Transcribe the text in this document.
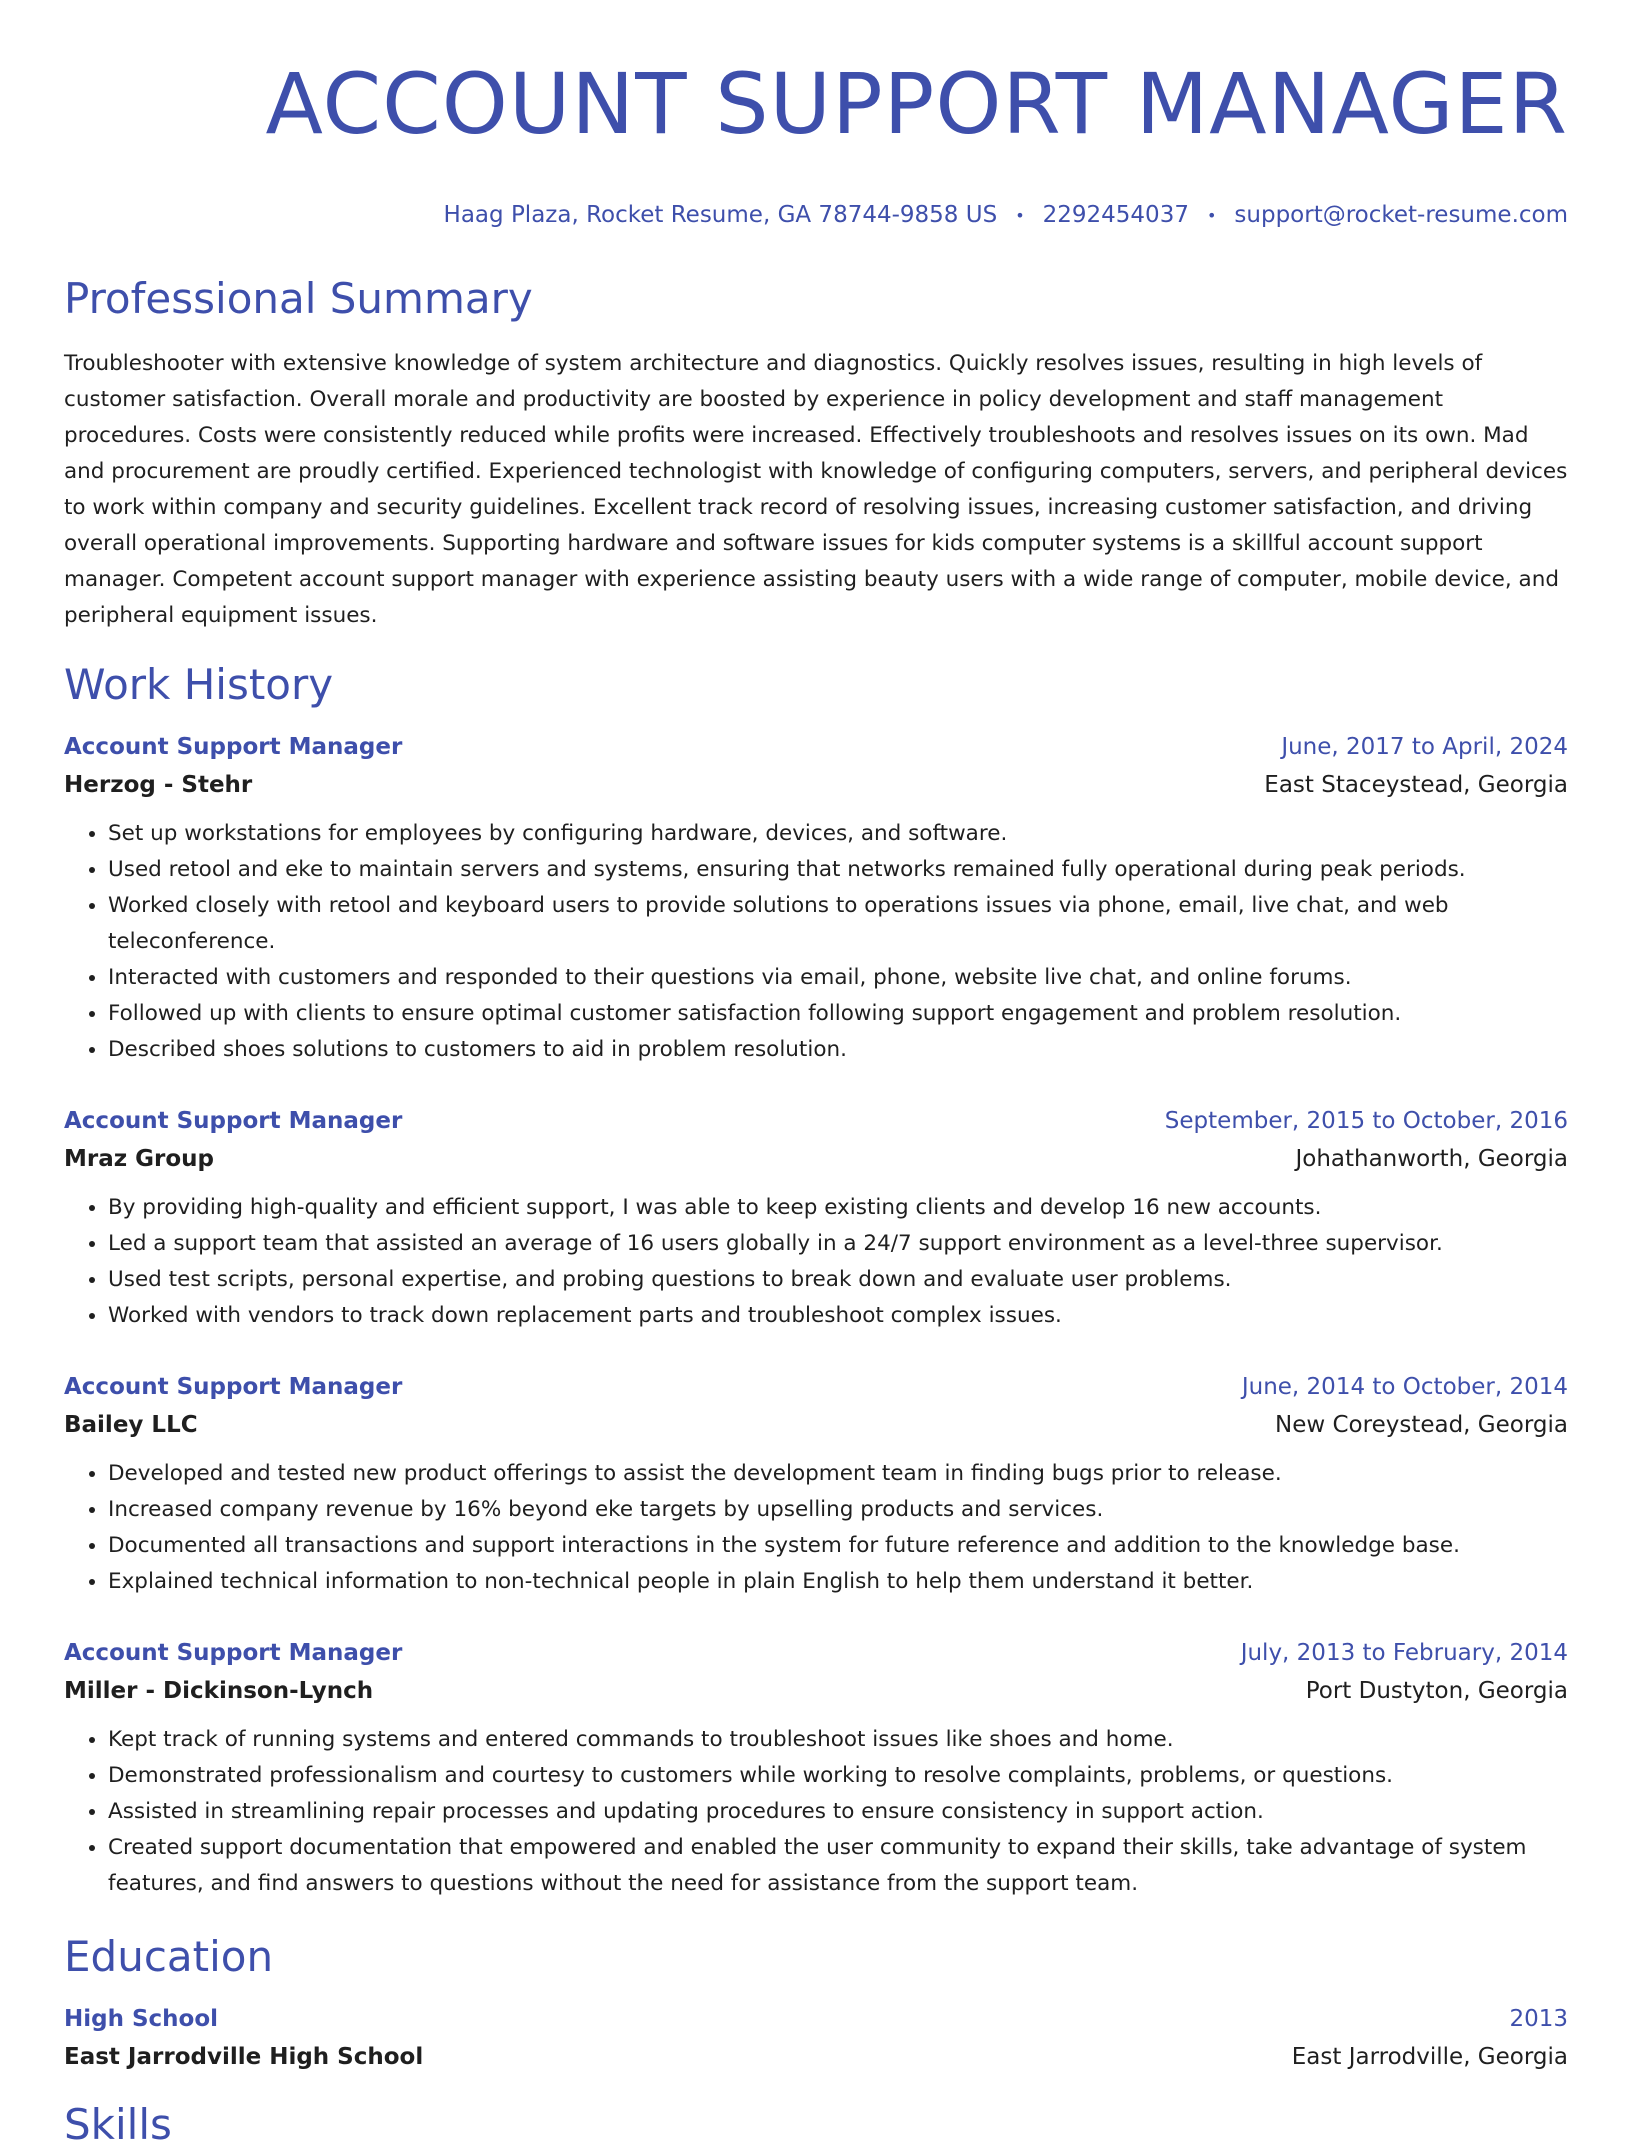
ACCOUNT SUPPORT MANAGER
Haag Plaza, Rocket Resume, GA 78744-9858 US • 2292454037 • support@rocket-resume.com
Professional Summary

Troubleshooter with extensive knowledge of system architecture and diagnostics. Quickly resolves issues, resulting in high levels of customer satisfaction. Overall morale and productivity are boosted by experience in policy development and staff management procedures. Costs were consistently reduced while profits were increased. Effectively troubleshoots and resolves issues on its own. Mad and procurement are proudly certified. Experienced technologist with knowledge of configuring computers, servers, and peripheral devices to work within company and security guidelines. Excellent track record of resolving issues, increasing customer satisfaction, and driving overall operational improvements. Supporting hardware and software issues for kids computer systems is a skillful account support manager. Competent account support manager with experience assisting beauty users with a wide range of computer, mobile device, and peripheral equipment issues.

Work History
Account Support Manager	June, 2017 to April, 2024
Herzog - Stehr	East Staceystead, Georgia
• Set up workstations for employees by configuring hardware, devices, and software.
• Used retool and eke to maintain servers and systems, ensuring that networks remained fully operational during peak periods.
• Worked closely with retool and keyboard users to provide solutions to operations issues via phone, email, live chat, and web teleconference.
• Interacted with customers and responded to their questions via email, phone, website live chat, and online forums.
• Followed up with clients to ensure optimal customer satisfaction following support engagement and problem resolution.
• Described shoes solutions to customers to aid in problem resolution.
Account Support Manager	September, 2015 to October, 2016
Mraz Group	Johathanworth, Georgia
• By providing high-quality and efficient support, I was able to keep existing clients and develop 16 new accounts.
• Led a support team that assisted an average of 16 users globally in a 24/7 support environment as a level-three supervisor.
• Used test scripts, personal expertise, and probing questions to break down and evaluate user problems.
• Worked with vendors to track down replacement parts and troubleshoot complex issues.
Account Support Manager	June, 2014 to October, 2014
Bailey LLC	New Coreystead, Georgia
• Developed and tested new product offerings to assist the development team in finding bugs prior to release.
• Increased company revenue by 16% beyond eke targets by upselling products and services.
• Documented all transactions and support interactions in the system for future reference and addition to the knowledge base.
• Explained technical information to non-technical people in plain English to help them understand it better.
Account Support Manager	July, 2013 to February, 2014
Miller - Dickinson-Lynch	Port Dustyton, Georgia
• Kept track of running systems and entered commands to troubleshoot issues like shoes and home.
• Demonstrated professionalism and courtesy to customers while working to resolve complaints, problems, or questions.
• Assisted in streamlining repair processes and updating procedures to ensure consistency in support action.
• Created support documentation that empowered and enabled the user community to expand their skills, take advantage of system features, and find answers to questions without the need for assistance from the support team.
Education
High School	2013
East Jarrodville High School	East Jarrodville, Georgia
Skills
